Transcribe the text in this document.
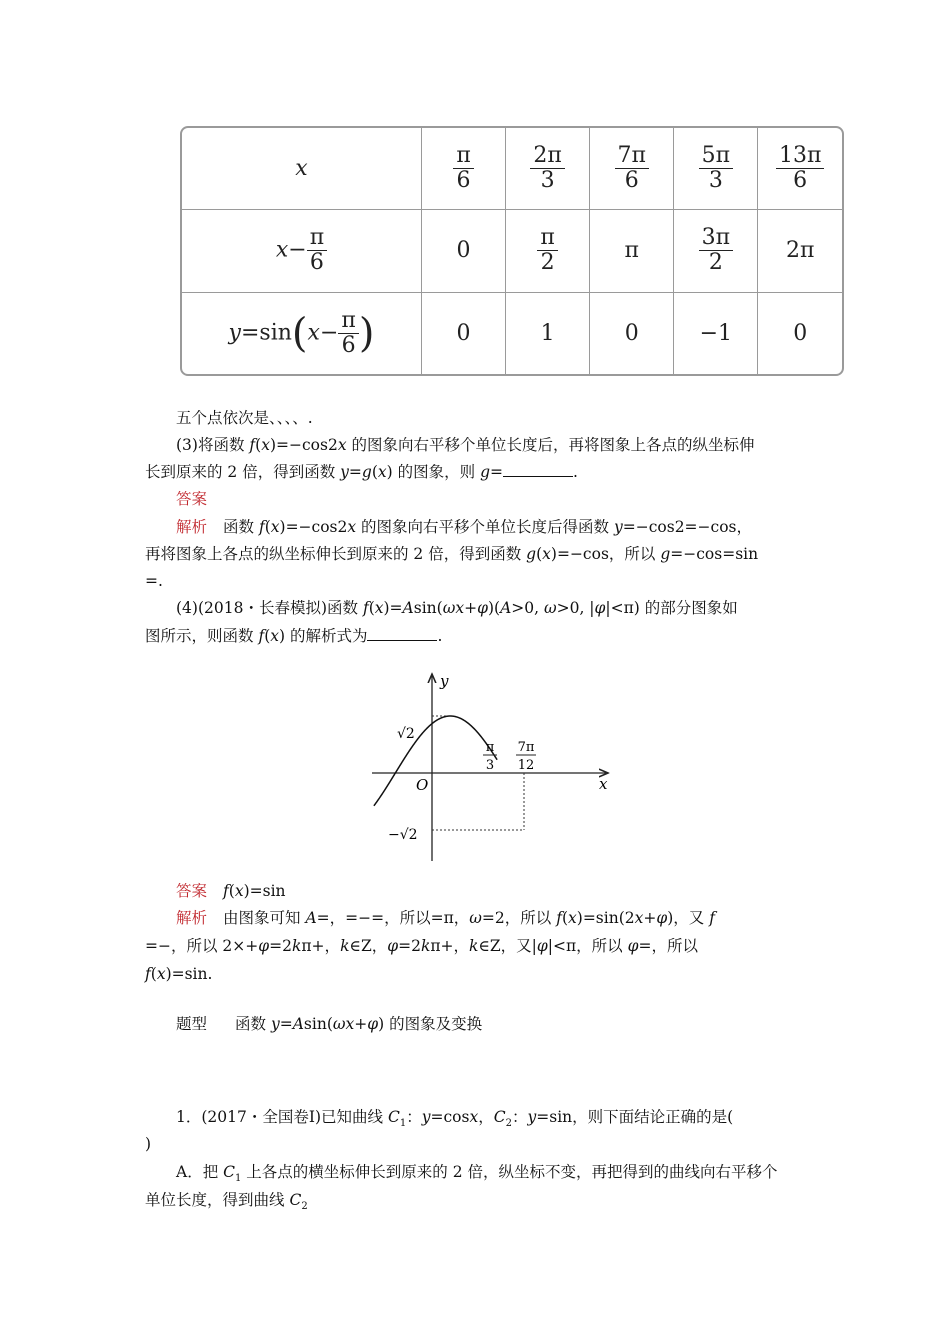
x	$\frac{\pi}{6}$	$\frac{2\pi}{3}$	$\frac{7\pi}{6}$	$\frac{5\pi}{3}$	$\frac{13\pi}{6}$

$x- \frac{\pi}{6}$	0	$\frac{\pi}{2}$	π	$\frac{3\pi}{2}$	2π
$y=\sin(x- \frac{\pi}{6}$ )	0	1	0	−1	0
五个点依次是、、、、.
(3)将函数 f(x)=−cos2x 的图象向右平移个单位长度后，再将图象上各点的纵坐标伸
长到原来的 2 倍，得到函数 y=g(x) 的图象，则 g=	.
答案
解析 函数 f(x)=−cos2x 的图象向右平移个单位长度后得函数 y=−cos2=−cos，
再将图象上各点的纵坐标伸长到原来的 2 倍，得到函数 g(x)=−cos，所以 g=−cos=sin
=.
(4)(2018・长春模拟)函数 f(x)=Asin(ωx+φ)(A>0, ω>0, |φ|<π) 的部分图象如
图所示，则函数 f(x) 的解析式为	.
y
x
O
√2
−√2
π
3
7π
12
答案 f(x)=sin
解析 由图象可知 A=，=−=，所以=π，ω=2，所以 f(x)=sin(2x+φ)，又 f
=−，所以 2×+φ=2kπ+，k∈Z，φ=2kπ+，k∈Z，又|φ|<π，所以 φ=，所以
f(x)=sin.
题型 函数 y=Asin(ωx+φ) 的图象及变换
1．(2017・全国卷Ⅰ)已知曲线 $C_1$：y=cosx，$C_2$：y=sin，则下面结论正确的是(
)
A．把 $C_1$ 上各点的横坐标伸长到原来的 2 倍，纵坐标不变，再把得到的曲线向右平移个
单位长度，得到曲线 $C_2$
